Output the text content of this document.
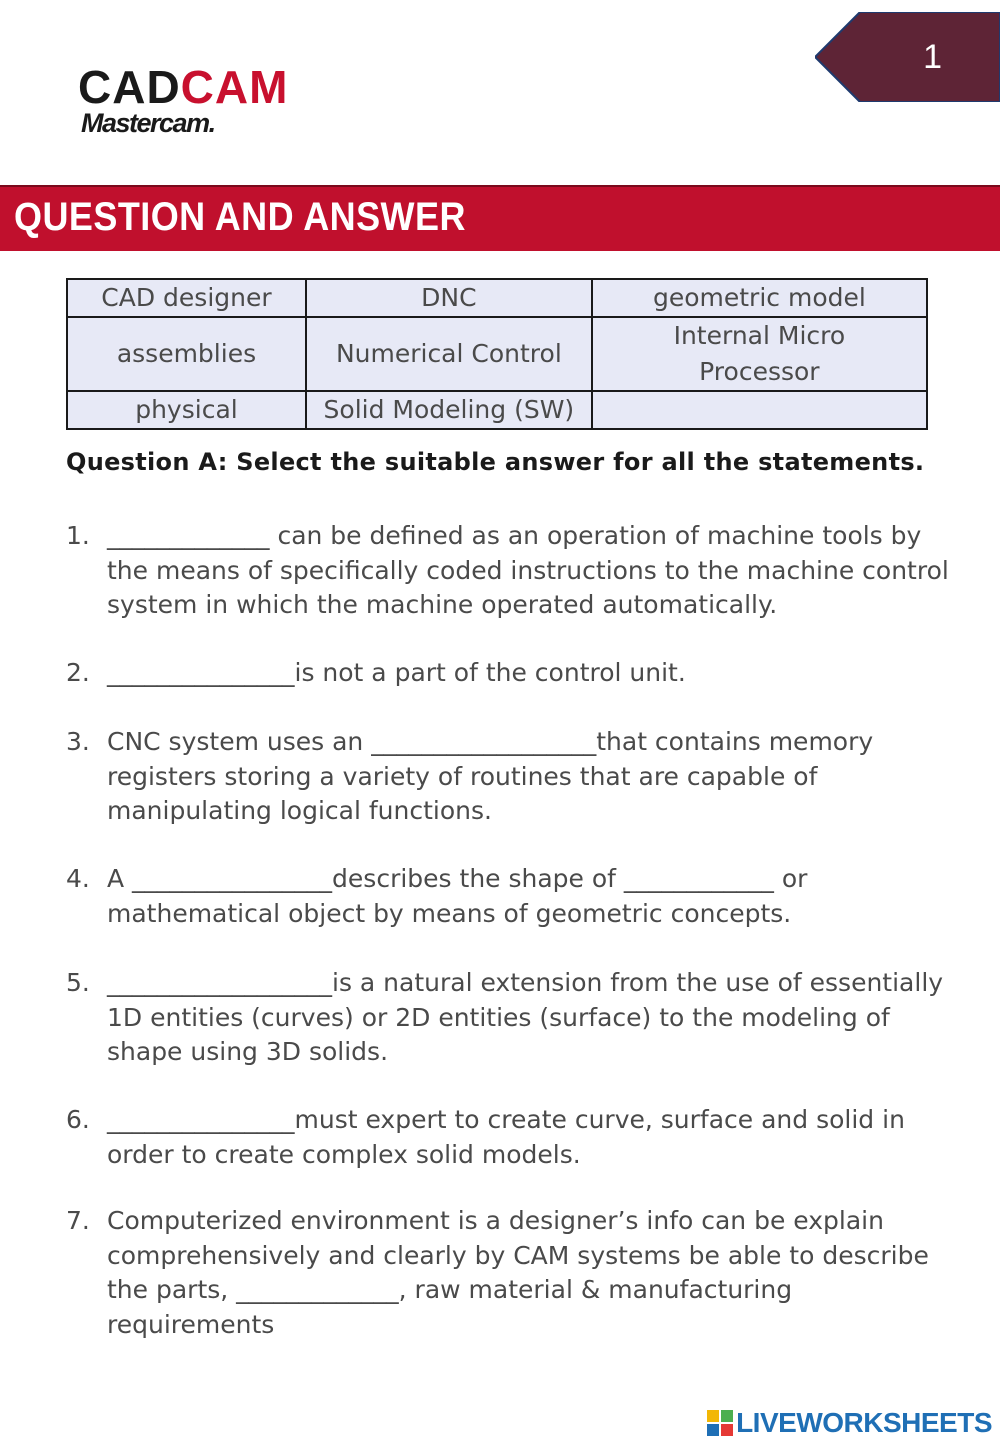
1
CADCAM
Mastercam.
QUESTION AND ANSWER
CAD designer	DNC	geometric model
assemblies	Numerical Control	Internal Micro Processor
physical	Solid Modeling (SW)	
Question A: Select the suitable answer for all the statements.
1. _____________ can be defined as an operation of machine tools by the means of specifically coded instructions to the machine control system in which the machine operated automatically.
2. _______________is not a part of the control unit.
3. CNC system uses an __________________that contains memory registers storing a variety of routines that are capable of manipulating logical functions.
4. A ________________describes the shape of ____________ or mathematical object by means of geometric concepts.
5. __________________is a natural extension from the use of essentially 1D entities (curves) or 2D entities (surface) to the modeling of shape using 3D solids.
6. _______________must expert to create curve, surface and solid in order to create complex solid models.
7. Computerized environment is a designer’s info can be explain comprehensively and clearly by CAM systems be able to describe the parts, _____________, raw material & manufacturing requirements
LIVEWORKSHEETS
